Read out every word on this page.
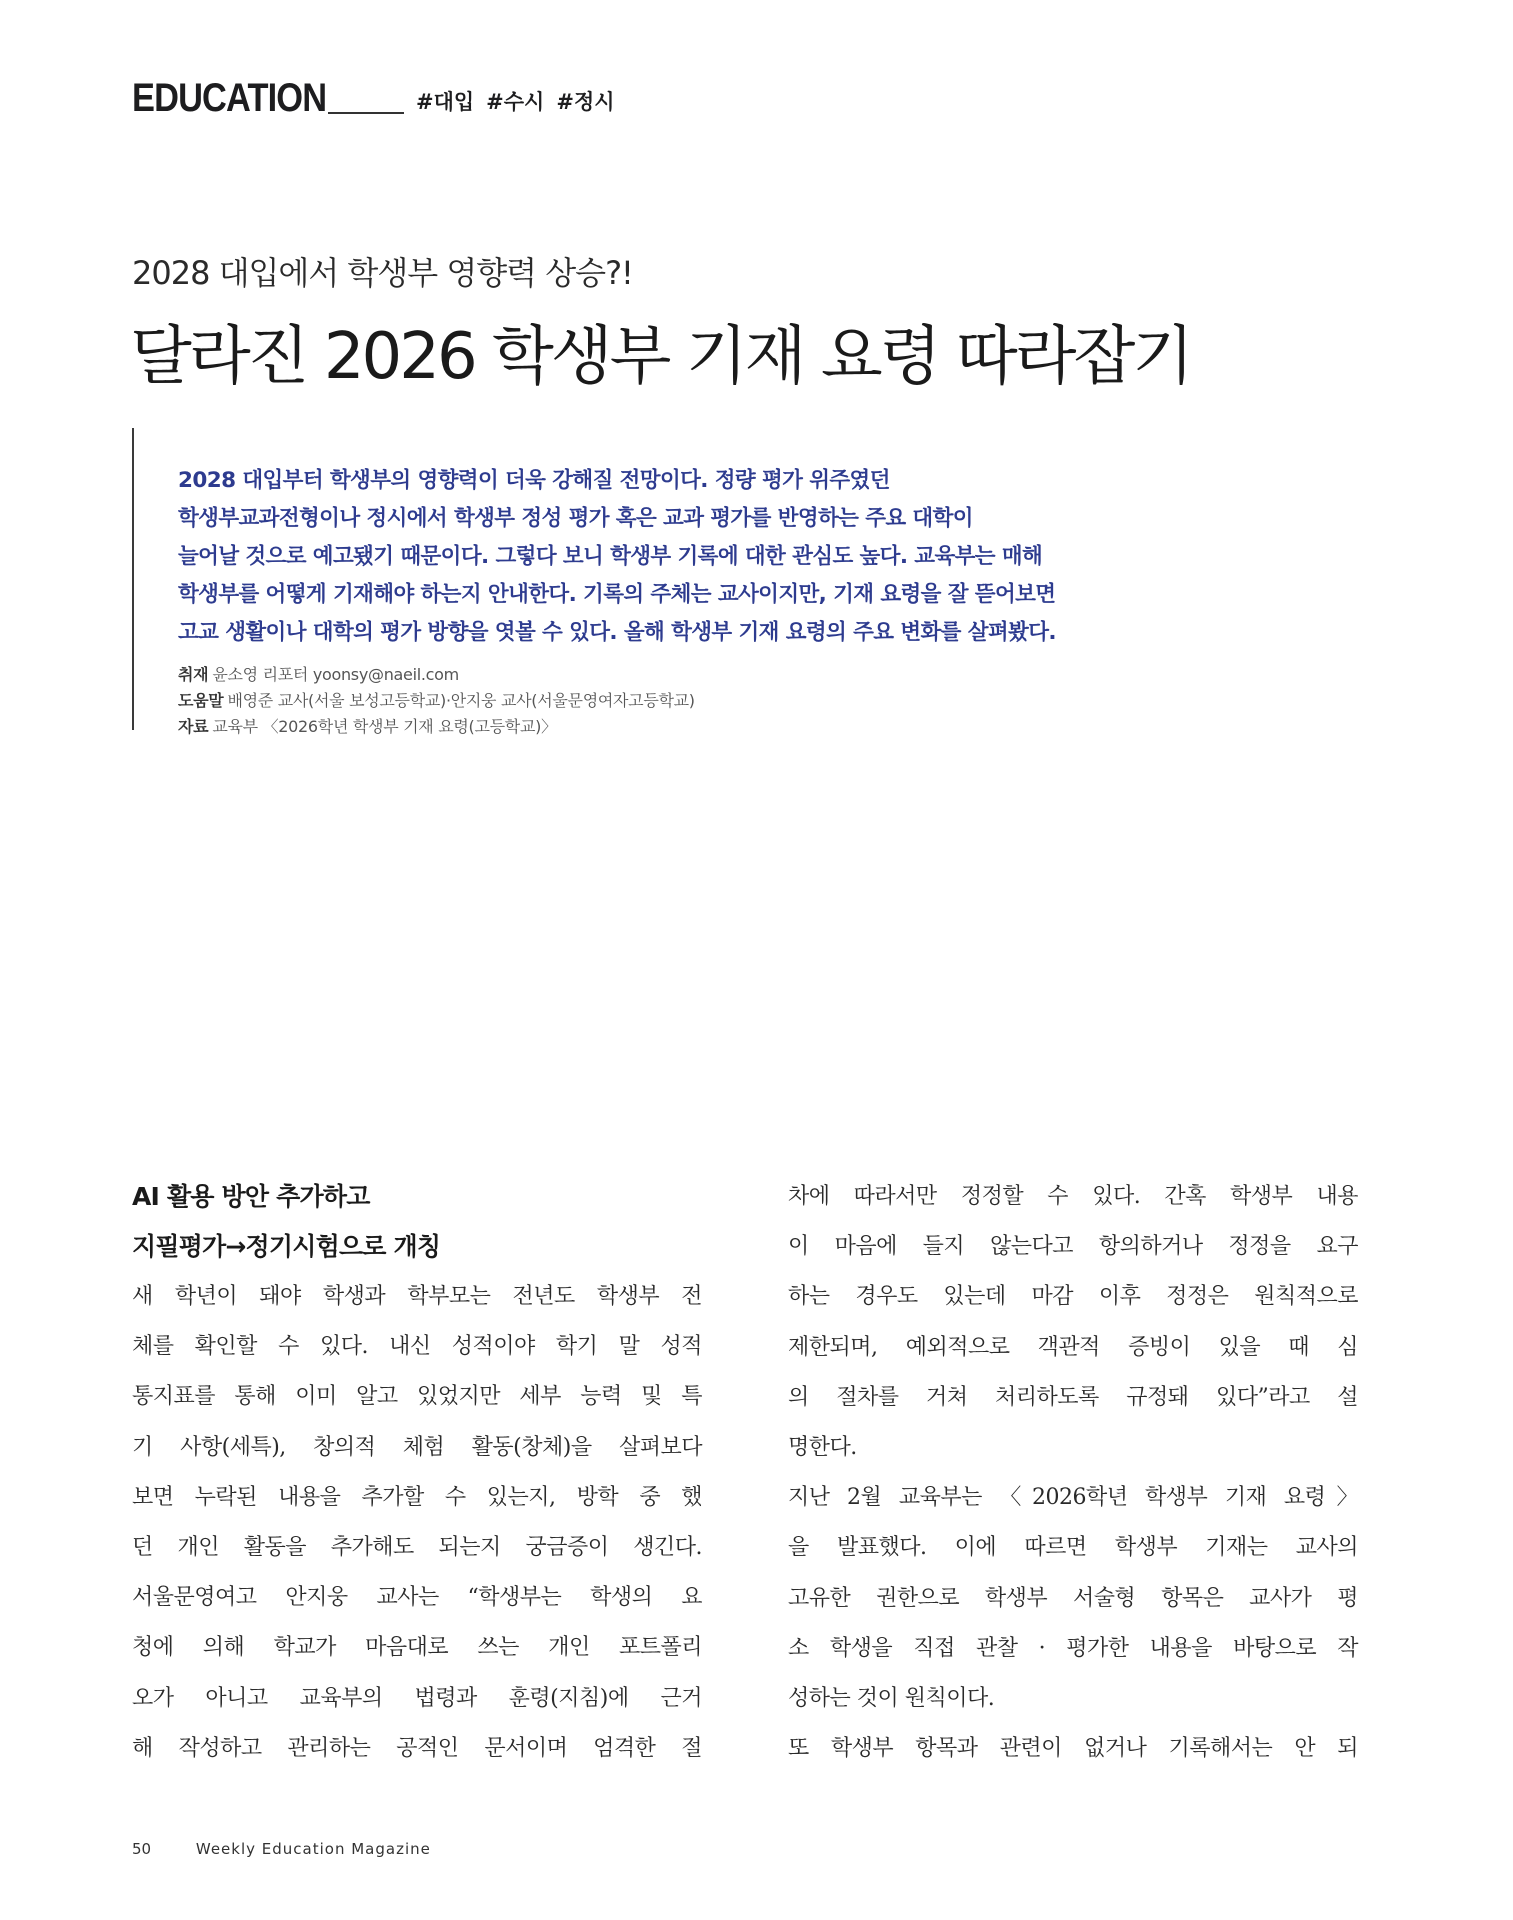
EDUCATION	#대입 #수시 #정시
2028 대입에서 학생부 영향력 상승?!
달라진 2026 학생부 기재 요령 따라잡기
2028 대입부터 학생부의 영향력이 더욱 강해질 전망이다. 정량 평가 위주였던
학생부교과전형이나 정시에서 학생부 정성 평가 혹은 교과 평가를 반영하는 주요 대학이
늘어날 것으로 예고됐기 때문이다. 그렇다 보니 학생부 기록에 대한 관심도 높다. 교육부는 매해
학생부를 어떻게 기재해야 하는지 안내한다. 기록의 주체는 교사이지만, 기재 요령을 잘 뜯어보면
고교 생활이나 대학의 평가 방향을 엿볼 수 있다. 올해 학생부 기재 요령의 주요 변화를 살펴봤다.
취재 윤소영 리포터 yoonsy@naeil.com
도움말 배영준 교사(서울 보성고등학교)·안지웅 교사(서울문영여자고등학교)
자료 교육부 〈2026학년 학생부 기재 요령(고등학교)〉
AI 활용 방안 추가하고
지필평가→정기시험으로 개칭
새 학년이 돼야 학생과 학부모는 전년도 학생부 전
체를 확인할 수 있다. 내신 성적이야 학기 말 성적
통지표를 통해 이미 알고 있었지만 세부 능력 및 특
기 사항(세특), 창의적 체험 활동(창체)을 살펴보다
보면 누락된 내용을 추가할 수 있는지, 방학 중 했
던 개인 활동을 추가해도 되는지 궁금증이 생긴다.
서울문영여고 안지웅 교사는 “학생부는 학생의 요
청에 의해 학교가 마음대로 쓰는 개인 포트폴리
오가 아니고 교육부의 법령과 훈령(지침)에 근거
해 작성하고 관리하는 공적인 문서이며 엄격한 절
차에 따라서만 정정할 수 있다. 간혹 학생부 내용
이 마음에 들지 않는다고 항의하거나 정정을 요구
하는 경우도 있는데 마감 이후 정정은 원칙적으로
제한되며, 예외적으로 객관적 증빙이 있을 때 심
의 절차를 거쳐 처리하도록 규정돼 있다”라고 설
명한다.
지난 2월 교육부는 〈2026학년 학생부 기재 요령〉
을 발표했다. 이에 따르면 학생부 기재는 교사의
고유한 권한으로 학생부 서술형 항목은 교사가 평
소 학생을 직접 관찰 · 평가한 내용을 바탕으로 작
성하는 것이 원칙이다.
또 학생부 항목과 관련이 없거나 기록해서는 안 되
50	Weekly Education Magazine
